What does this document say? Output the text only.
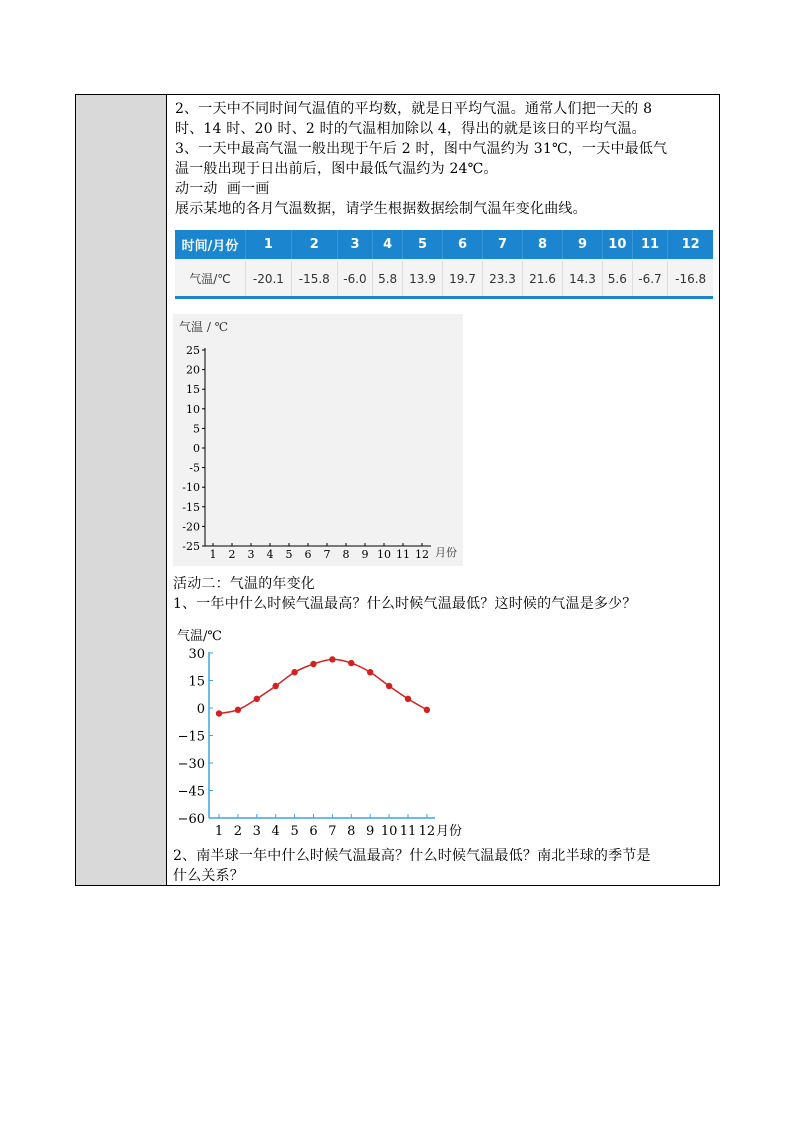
2、一天中不同时间气温值的平均数，就是日平均气温。通常人们把一天的 8

时、14 时、20 时、2 时的气温相加除以 4，得出的就是该日的平均气温。

3、一天中最高气温一般出现于午后 2 时，图中气温约为 31℃，一天中最低气

温一般出现于日出前后，图中最低气温约为 24℃。

动一动  画一画

展示某地的各月气温数据，请学生根据数据绘制气温年变化曲线。

时间/月份	1	2	3	4	5	6	7	8	9	10	11	12
气温/℃	-20.1	-15.8	-6.0	5.8	13.9	19.7	23.3	21.6	14.3	5.6	-6.7	-16.8
气温 / ℃
25
20
15
10
5
0
-5
-10
-15
-20
-25
1 2 3 4 5 6 7 8 9 10 11 12 月份

活动二：气温的年变化

1、一年中什么时候气温最高？什么时候气温最低？这时候的气温是多少？

气温/℃
30
15
0
−15
−30
−45
−60
1 2 3 4 5 6 7 8 9 10 11 12 月份

2、南半球一年中什么时候气温最高？什么时候气温最低？南北半球的季节是

什么关系？
